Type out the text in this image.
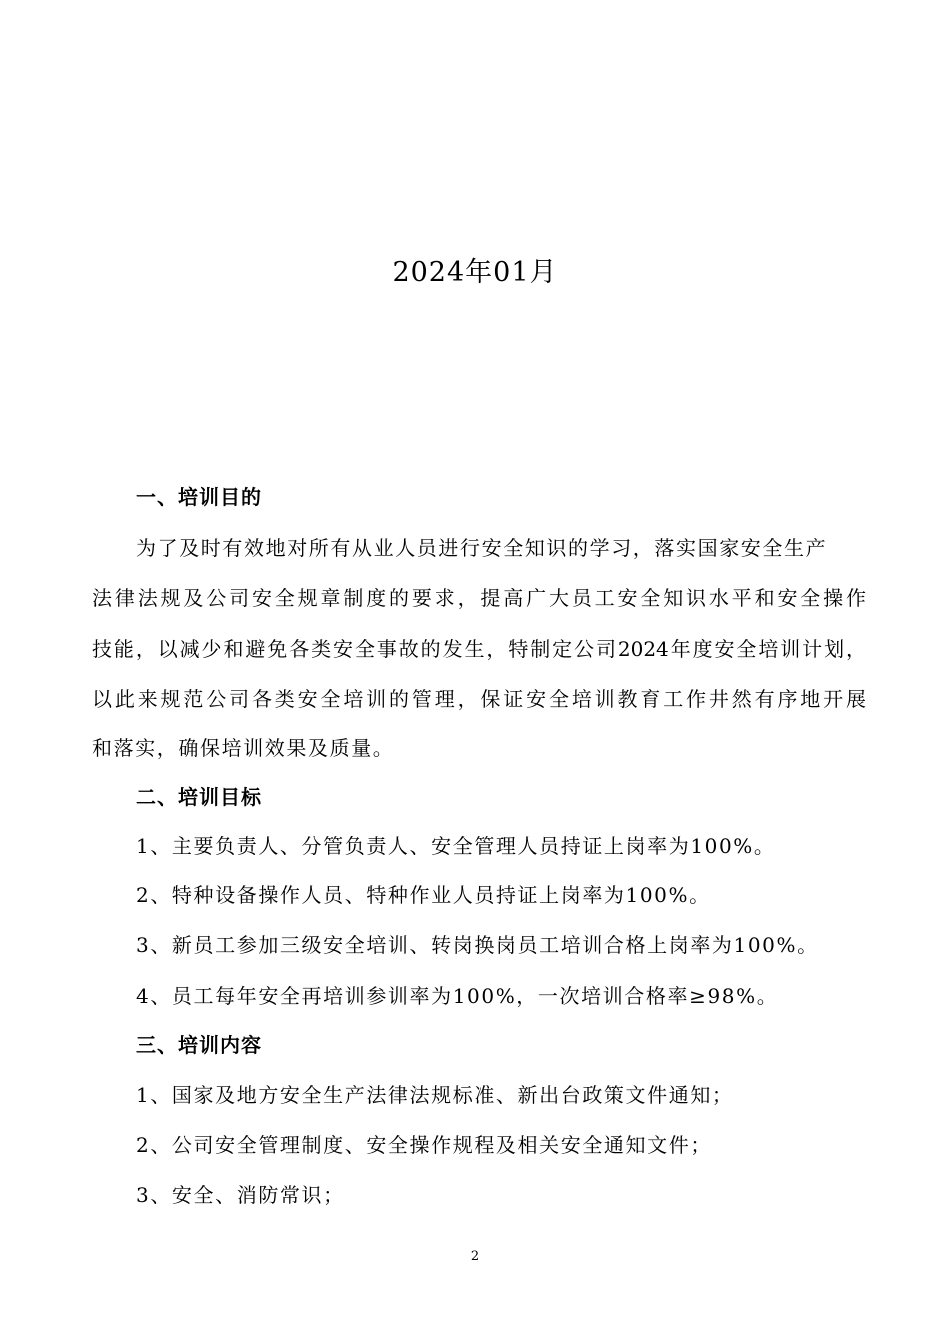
2024年01月
一、培训目的
为了及时有效地对所有从业人员进行安全知识的学习，落实国家安全生产
法律法规及公司安全规章制度的要求，提高广大员工安全知识水平和安全操作
技能，以减少和避免各类安全事故的发生，特制定公司2024年度安全培训计划，
以此来规范公司各类安全培训的管理，保证安全培训教育工作井然有序地开展
和落实，确保培训效果及质量。
二、培训目标
1、主要负责人、分管负责人、安全管理人员持证上岗率为100%。
2、特种设备操作人员、特种作业人员持证上岗率为100%。
3、新员工参加三级安全培训、转岗换岗员工培训合格上岗率为100%。
4、员工每年安全再培训参训率为100%，一次培训合格率≥98%。
三、培训内容
1、国家及地方安全生产法律法规标准、新出台政策文件通知；
2、公司安全管理制度、安全操作规程及相关安全通知文件；
3、安全、消防常识；
2
